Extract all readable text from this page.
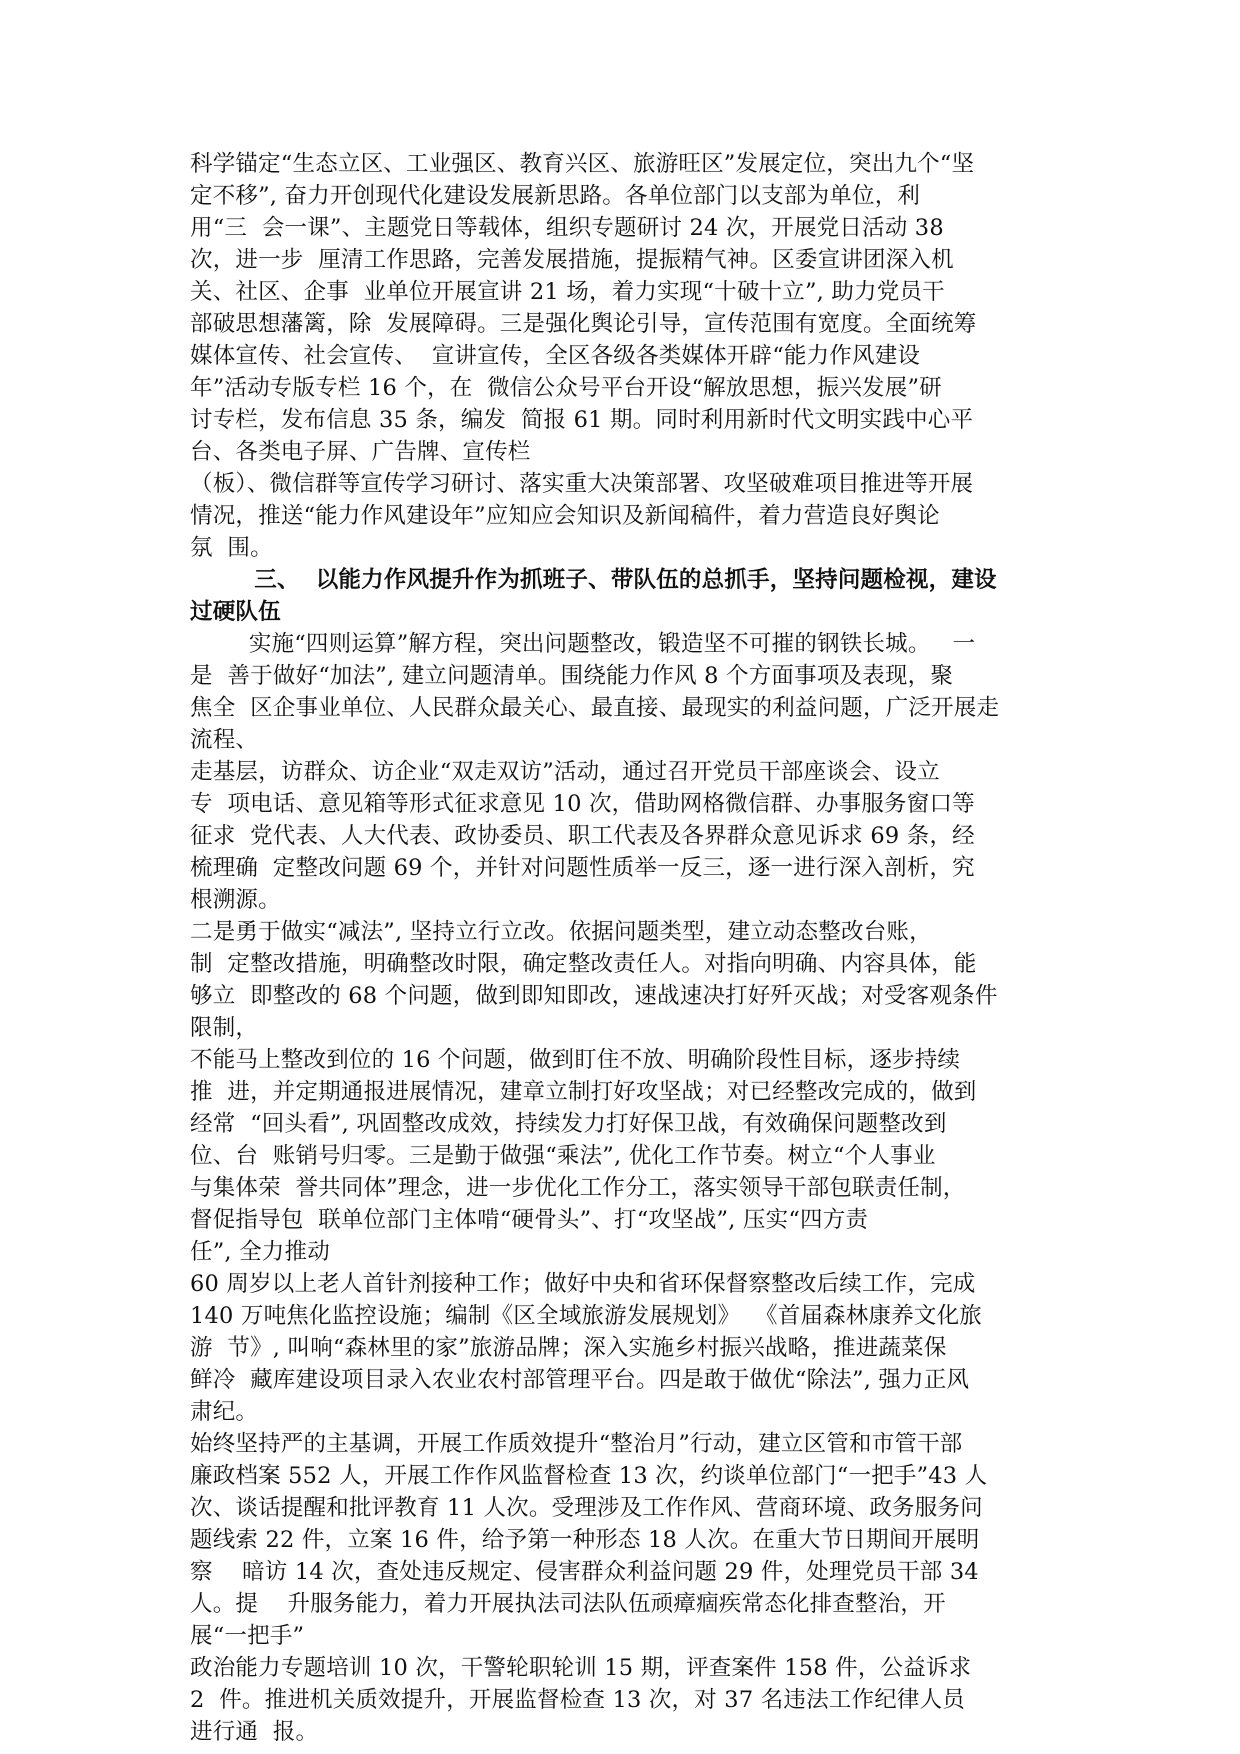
科学锚定“生态立区、工业强区、教育兴区、旅游旺区”发展定位，突出九个“坚
定不移”, 奋力开创现代化建设发展新思路。各单位部门以支部为单位，利
用“三  会一课”、主题党日等载体，组织专题研讨 24 次，开展党日活动 38
次，进一步  厘清工作思路，完善发展措施，提振精气神。区委宣讲团深入机
关、社区、企事  业单位开展宣讲 21 场，着力实现“十破十立”, 助力党员干
部破思想藩篱，除  发展障碍。三是强化舆论引导，宣传范围有宽度。全面统筹
媒体宣传、社会宣传、  宣讲宣传，全区各级各类媒体开辟“能力作风建设
年”活动专版专栏 16 个，在  微信公众号平台开设“解放思想，振兴发展”研
讨专栏，发布信息 35 条，编发  简报 61 期。同时利用新时代文明实践中心平
台、各类电子屏、广告牌、宣传栏
（板）、微信群等宣传学习研讨、落实重大决策部署、攻坚破难项目推进等开展
情况，推送“能力作风建设年”应知应会知识及新闻稿件，着力营造良好舆论
氛  围。
三、  以能力作风提升作为抓班子、带队伍的总抓手，坚持问题检视，建设
过硬队伍
实施“四则运算”解方程，突出问题整改，锻造坚不可摧的钢铁长城。   一
是  善于做好“加法”, 建立问题清单。围绕能力作风 8 个方面事项及表现，聚
焦全  区企事业单位、人民群众最关心、最直接、最现实的利益问题，广泛开展走
流程、
走基层，访群众、访企业“双走双访”活动，通过召开党员干部座谈会、设立
专  项电话、意见箱等形式征求意见 10 次，借助网格微信群、办事服务窗口等
征求  党代表、人大代表、政协委员、职工代表及各界群众意见诉求 69 条，经
梳理确  定整改问题 69 个，并针对问题性质举一反三，逐一进行深入剖析，究
根溯源。
二是勇于做实“减法”, 坚持立行立改。依据问题类型，建立动态整改台账，
制  定整改措施，明确整改时限，确定整改责任人。对指向明确、内容具体，能
够立  即整改的 68 个问题，做到即知即改，速战速决打好歼灭战；对受客观条件
限制，
不能马上整改到位的 16 个问题，做到盯住不放、明确阶段性目标，逐步持续
推  进，并定期通报进展情况，建章立制打好攻坚战；对已经整改完成的，做到
经常  “回头看”, 巩固整改成效，持续发力打好保卫战，有效确保问题整改到
位、台  账销号归零。三是勤于做强“乘法”, 优化工作节奏。树立“个人事业
与集体荣  誉共同体”理念，进一步优化工作分工，落实领导干部包联责任制，
督促指导包  联单位部门主体啃“硬骨头”、打“攻坚战”, 压实“四方责
任”, 全力推动
60 周岁以上老人首针剂接种工作；做好中央和省环保督察整改后续工作，完成
140 万吨焦化监控设施；编制《区全域旅游发展规划》  《首届森林康养文化旅
游  节》, 叫响“森林里的家”旅游品牌；深入实施乡村振兴战略，推进蔬菜保
鲜冷  藏库建设项目录入农业农村部管理平台。四是敢于做优“除法”, 强力正风
肃纪。
始终坚持严的主基调，开展工作质效提升“整治月”行动，建立区管和市管干部
廉政档案 552 人，开展工作作风监督检查 13 次，约谈单位部门“一把手”43 人
次、谈话提醒和批评教育 11 人次。受理涉及工作作风、营商环境、政务服务问
题线索 22 件，立案 16 件，给予第一种形态 18 人次。在重大节日期间开展明
察    暗访 14 次，查处违反规定、侵害群众利益问题 29 件，处理党员干部 34
人。提    升服务能力，着力开展执法司法队伍顽瘴痼疾常态化排查整治，开
展“一把手”
政治能力专题培训 10 次，干警轮职轮训 15 期，评查案件 158 件，公益诉求
2  件。推进机关质效提升，开展监督检查 13 次，对 37 名违法工作纪律人员
进行通  报。
